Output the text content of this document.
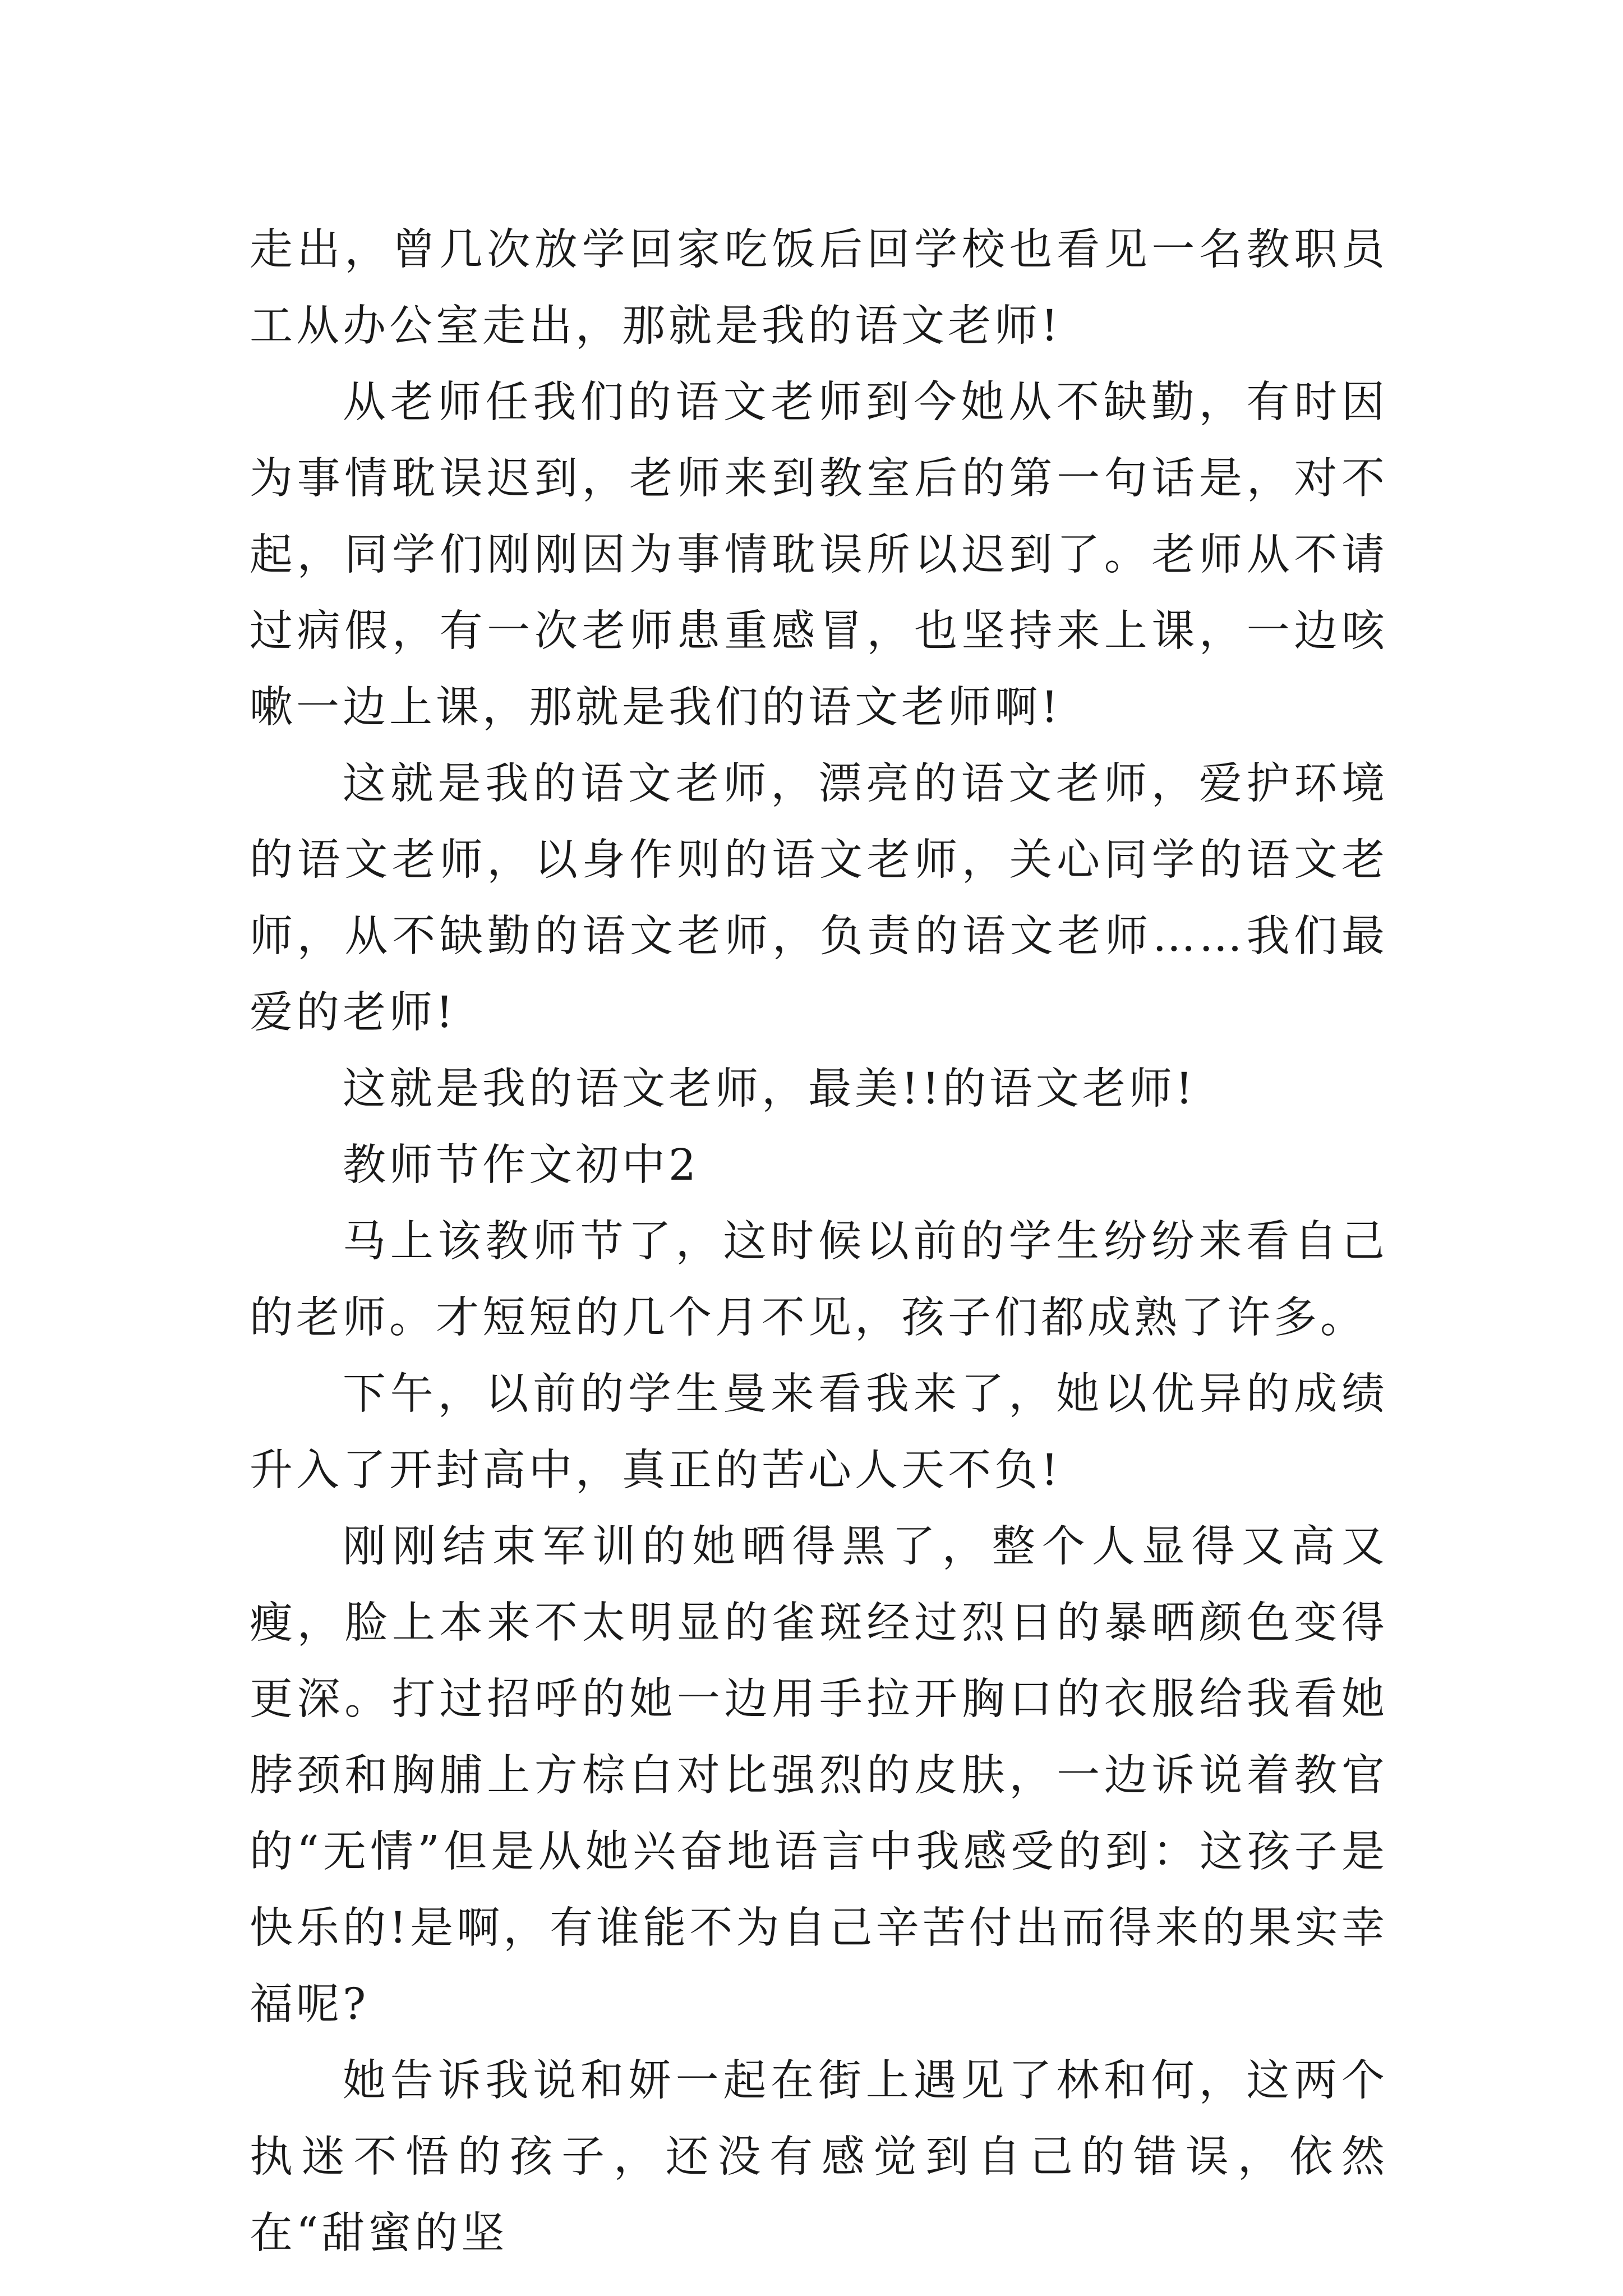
走出，曾几次放学回家吃饭后回学校也看见一名教职员工从办公室走出，那就是我的语文老师!

从老师任我们的语文老师到今她从不缺勤，有时因为事情耽误迟到，老师来到教室后的第一句话是，对不起，同学们刚刚因为事情耽误所以迟到了。老师从不请过病假，有一次老师患重感冒，也坚持来上课，一边咳嗽一边上课，那就是我们的语文老师啊!

这就是我的语文老师，漂亮的语文老师，爱护环境的语文老师，以身作则的语文老师，关心同学的语文老师，从不缺勤的语文老师，负责的语文老师……我们最爱的老师!

这就是我的语文老师，最美!!的语文老师!

教师节作文初中2

马上该教师节了，这时候以前的学生纷纷来看自己的老师。才短短的几个月不见，孩子们都成熟了许多。

下午，以前的学生曼来看我来了，她以优异的成绩升入了开封高中，真正的苦心人天不负!

刚刚结束军训的她晒得黑了，整个人显得又高又瘦，脸上本来不太明显的雀斑经过烈日的暴晒颜色变得更深。打过招呼的她一边用手拉开胸口的衣服给我看她脖颈和胸脯上方棕白对比强烈的皮肤，一边诉说着教官的“无情”但是从她兴奋地语言中我感受的到：这孩子是快乐的!是啊，有谁能不为自己辛苦付出而得来的果实幸福呢?

她告诉我说和妍一起在街上遇见了林和何，这两个执迷不悟的孩子，还没有感觉到自己的错误，依然在“甜蜜的坚
